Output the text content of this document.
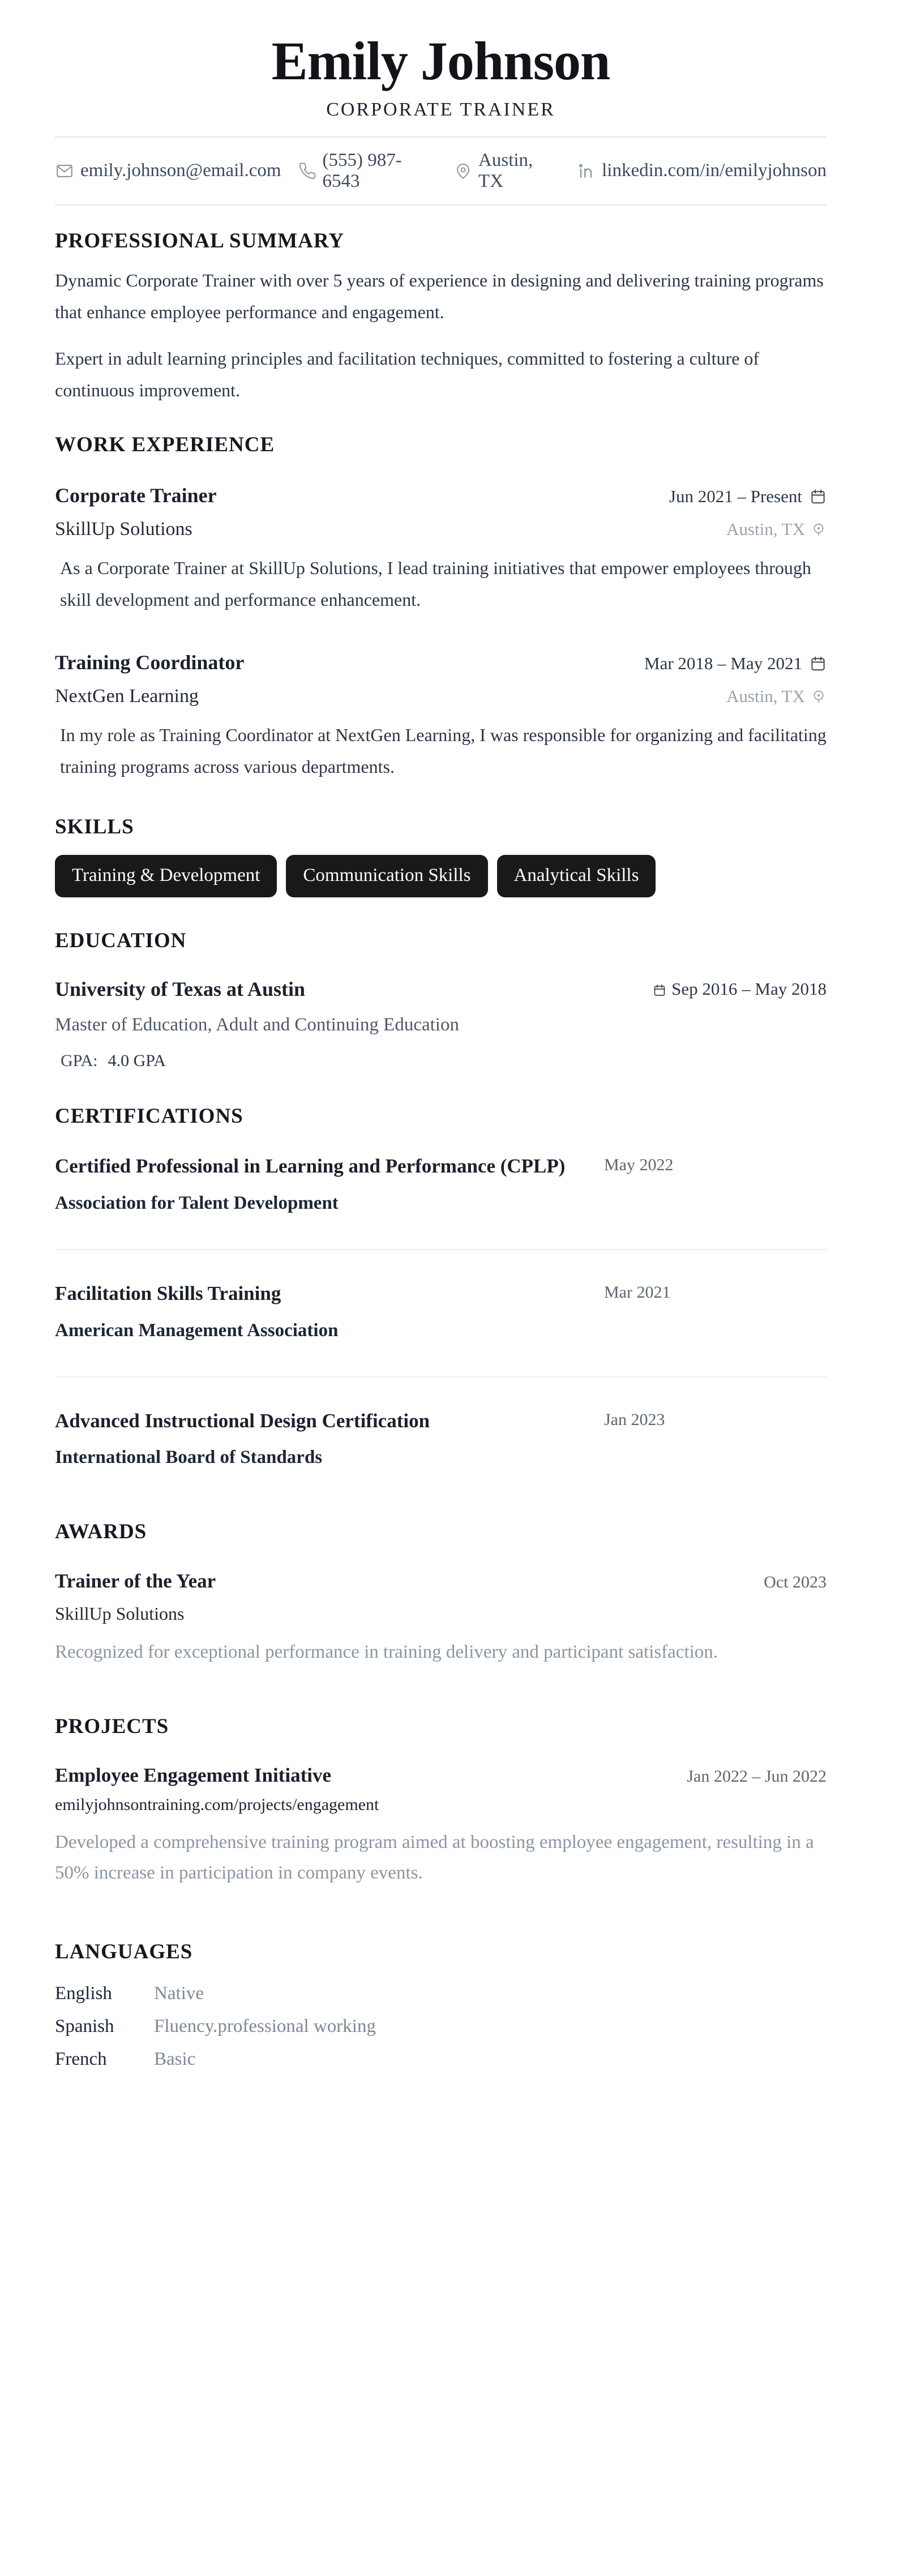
Emily Johnson
CORPORATE TRAINER
emily.johnson@email.com
(555) 987-6543
Austin, TX
linkedin.com/in/emilyjohnson
PROFESSIONAL SUMMARY

Dynamic Corporate Trainer with over 5 years of experience in designing and delivering training programs that enhance employee performance and engagement.

Expert in adult learning principles and facilitation techniques, committed to fostering a culture of continuous improvement.

WORK EXPERIENCE
Corporate Trainer	Jun 2021 – Present
SkillUp Solutions	Austin, TX

As a Corporate Trainer at SkillUp Solutions, I lead training initiatives that empower employees through skill development and performance enhancement.

Training Coordinator	Mar 2018 – May 2021
NextGen Learning	Austin, TX

In my role as Training Coordinator at NextGen Learning, I was responsible for organizing and facilitating training programs across various departments.

SKILLS
Training & Development	Communication Skills	Analytical Skills
EDUCATION
University of Texas at Austin	Sep 2016 – May 2018
Master of Education, Adult and Continuing Education
GPA: 4.0 GPA
CERTIFICATIONS
Certified Professional in Learning and Performance (CPLP)	May 2022
Association for Talent Development
Facilitation Skills Training	Mar 2021
American Management Association
Advanced Instructional Design Certification	Jan 2023
International Board of Standards
AWARDS
Trainer of the Year	Oct 2023
SkillUp Solutions

Recognized for exceptional performance in training delivery and participant satisfaction.

PROJECTS
Employee Engagement Initiative	Jan 2022 – Jun 2022
emilyjohnsontraining.com/projects/engagement

Developed a comprehensive training program aimed at boosting employee engagement, resulting in a 50% increase in participation in company events.

LANGUAGES
English	Native
Spanish	Fluency.professional working
French	Basic
